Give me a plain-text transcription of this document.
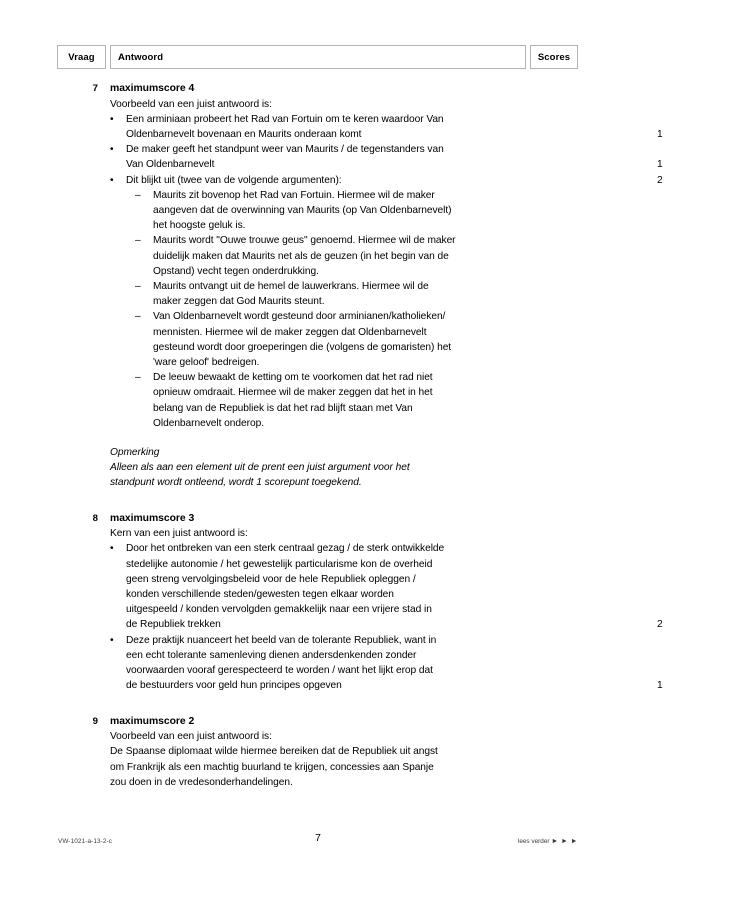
Vraag Antwoord	Scores
7 maximumscore 4
Voorbeeld van een juist antwoord is:
• Een arminiaan probeert het Rad van Fortuin om te keren waardoor Van
Oldenbarnevelt bovenaan en Maurits onderaan komt	1
• De maker geeft het standpunt weer van Maurits / de tegenstanders van
Van Oldenbarnevelt	1
• Dit blijkt uit (twee van de volgende argumenten):	2
– Maurits zit bovenop het Rad van Fortuin. Hiermee wil de maker
aangeven dat de overwinning van Maurits (op Van Oldenbarnevelt)
het hoogste geluk is.
– Maurits wordt "Ouwe trouwe geus" genoemd. Hiermee wil de maker
duidelijk maken dat Maurits net als de geuzen (in het begin van de
Opstand) vecht tegen onderdrukking.
– Maurits ontvangt uit de hemel de lauwerkrans. Hiermee wil de
maker zeggen dat God Maurits steunt.
– Van Oldenbarnevelt wordt gesteund door arminianen/katholieken/
mennisten. Hiermee wil de maker zeggen dat Oldenbarnevelt
gesteund wordt door groeperingen die (volgens de gomaristen) het
'ware geloof' bedreigen.
– De leeuw bewaakt de ketting om te voorkomen dat het rad niet
opnieuw omdraait. Hiermee wil de maker zeggen dat het in het
belang van de Republiek is dat het rad blijft staan met Van
Oldenbarnevelt onderop.
Opmerking
Alleen als aan een element uit de prent een juist argument voor het
standpunt wordt ontleend, wordt 1 scorepunt toegekend.
8 maximumscore 3
Kern van een juist antwoord is:
• Door het ontbreken van een sterk centraal gezag / de sterk ontwikkelde
stedelijke autonomie / het gewestelijk particularisme kon de overheid
geen streng vervolgingsbeleid voor de hele Republiek opleggen /
konden verschillende steden/gewesten tegen elkaar worden
uitgespeeld / konden vervolgden gemakkelijk naar een vrijere stad in
de Republiek trekken	2
• Deze praktijk nuanceert het beeld van de tolerante Republiek, want in
een echt tolerante samenleving dienen andersdenkenden zonder
voorwaarden vooraf gerespecteerd te worden / want het lijkt erop dat
de bestuurders voor geld hun principes opgeven	1
9 maximumscore 2
Voorbeeld van een juist antwoord is:
De Spaanse diplomaat wilde hiermee bereiken dat de Republiek uit angst
om Frankrijk als een machtig buurland te krijgen, concessies aan Spanje
zou doen in de vredesonderhandelingen.
VW-1021-a-13-2-c	7	lees verder ► ► ►
